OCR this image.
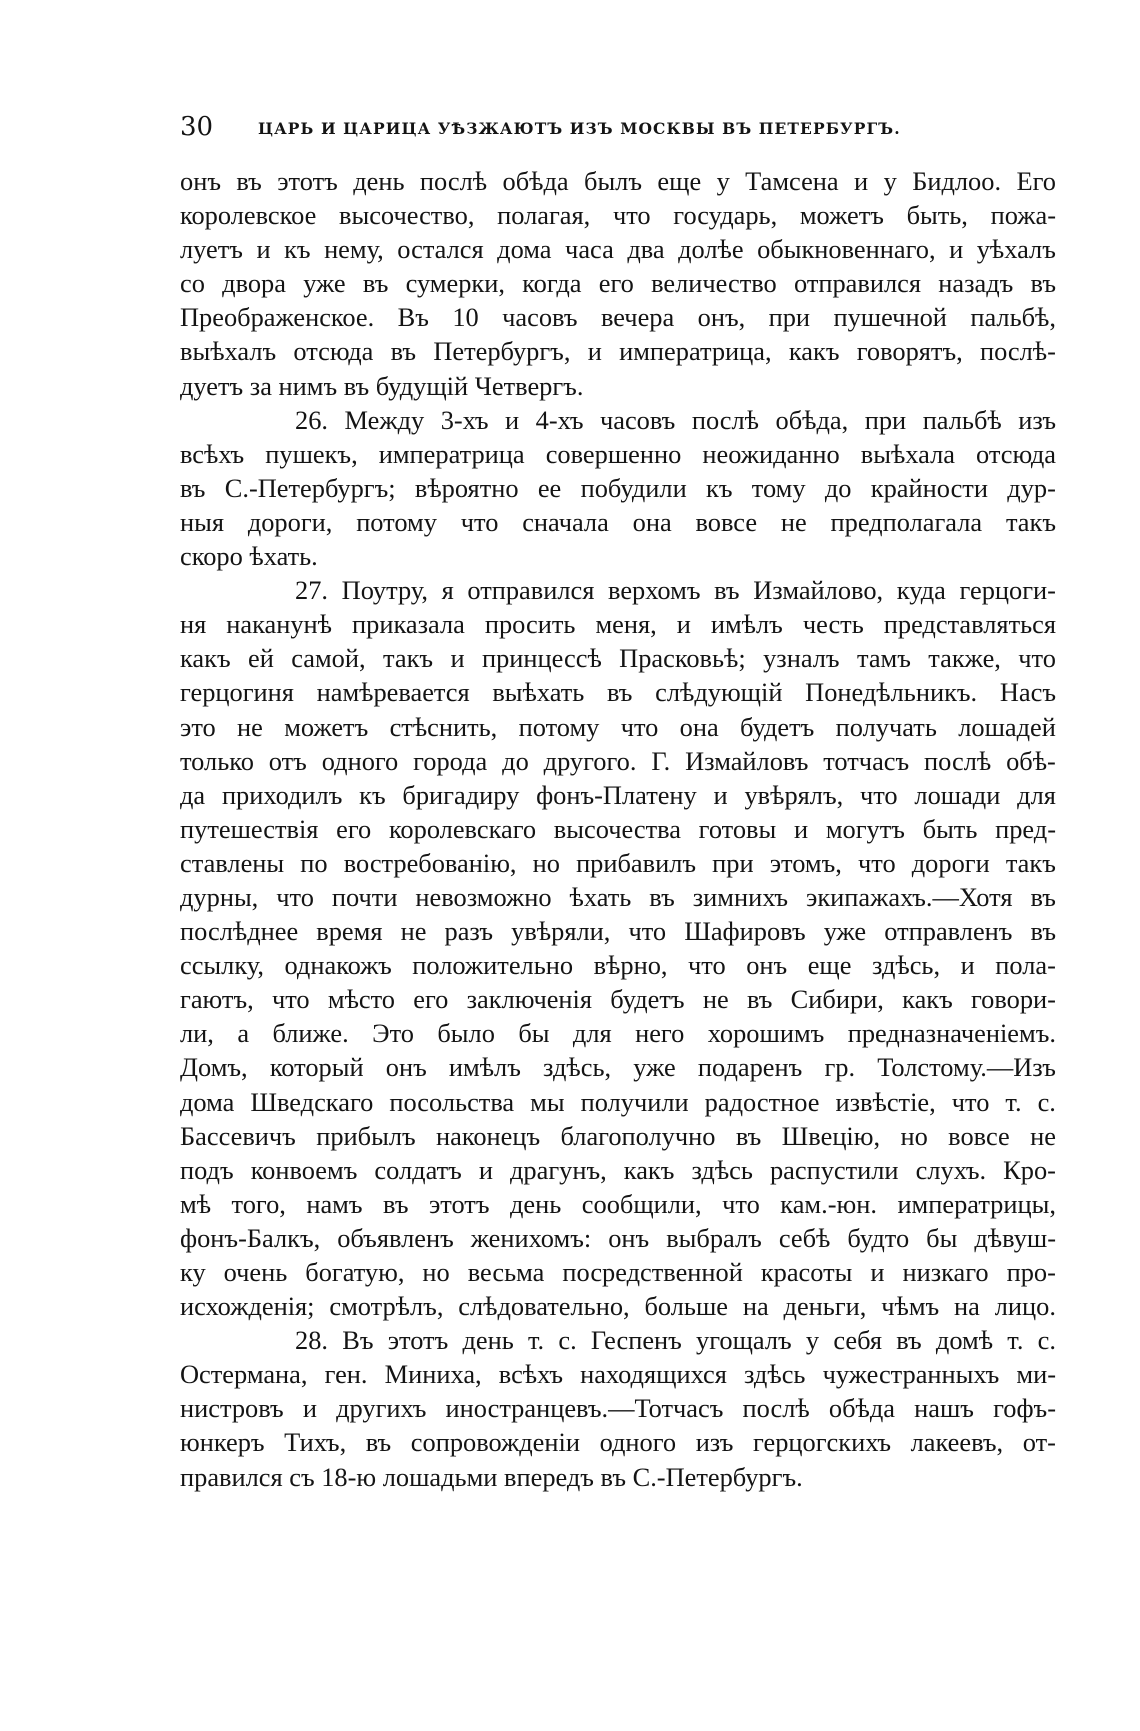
30	ЦАРЬ И ЦАРИЦА УѢЗЖАЮТЪ ИЗЪ МОСКВЫ ВЪ ПЕТЕРБУРГЪ.
онъ въ этотъ день послѣ обѣда былъ еще у Тамсена и у Бидлоо. Его
королевское высочество, полагая, что государь, можетъ быть, пожа-
луетъ и къ нему, остался дома часа два долѣе обыкновеннаго, и уѣхалъ
со двора уже въ сумерки, когда его величество отправился назадъ въ
Преображенское. Въ 10 часовъ вечера онъ, при пушечной пальбѣ,
выѣхалъ отсюда въ Петербургъ, и императрица, какъ говорятъ, послѣ-
дуетъ за нимъ въ будущій Четвергъ.
26. Между 3-хъ и 4-хъ часовъ послѣ обѣда, при пальбѣ изъ
всѣхъ пушекъ, императрица совершенно неожиданно выѣхала отсюда
въ С.-Петербургъ; вѣроятно ее побудили къ тому до крайности дур-
ныя дороги, потому что сначала она вовсе не предполагала такъ
скоро ѣхать.
27. Поутру, я отправился верхомъ въ Измайлово, куда герцоги-
ня наканунѣ приказала просить меня, и имѣлъ честь представляться
какъ ей самой, такъ и принцессѣ Прасковьѣ; узналъ тамъ также, что
герцогиня намѣревается выѣхать въ слѣдующій Понедѣльникъ. Насъ
это не можетъ стѣснить, потому что она будетъ получать лошадей
только отъ одного города до другого. Г. Измайловъ тотчасъ послѣ обѣ-
да приходилъ къ бригадиру фонъ-Платену и увѣрялъ, что лошади для
путешествія его королевскаго высочества готовы и могутъ быть пред-
ставлены по востребованію, но прибавилъ при этомъ, что дороги такъ
дурны, что почти невозможно ѣхать въ зимнихъ экипажахъ.—Хотя въ
послѣднее время не разъ увѣряли, что Шафировъ уже отправленъ въ
ссылку, однакожъ положительно вѣрно, что онъ еще здѣсь, и пола-
гаютъ, что мѣсто его заключенія будетъ не въ Сибири, какъ говори-
ли, а ближе. Это было бы для него хорошимъ предназначеніемъ.
Домъ, который онъ имѣлъ здѣсь, уже подаренъ гр. Толстому.—Изъ
дома Шведскаго посольства мы получили радостное извѣстіе, что т. с.
Бассевичъ прибылъ наконецъ благополучно въ Швецію, но вовсе не
подъ конвоемъ солдатъ и драгунъ, какъ здѣсь распустили слухъ. Кро-
мѣ того, намъ въ этотъ день сообщили, что кам.-юн. императрицы,
фонъ-Балкъ, объявленъ женихомъ: онъ выбралъ себѣ будто бы дѣвуш-
ку очень богатую, но весьма посредственной красоты и низкаго про-
исхожденія; смотрѣлъ, слѣдовательно, больше на деньги, чѣмъ на лицо.
28. Въ этотъ день т. с. Геспенъ угощалъ у себя въ домѣ т. с.
Остермана, ген. Миниха, всѣхъ находящихся здѣсь чужестранныхъ ми-
нистровъ и другихъ иностранцевъ.—Тотчасъ послѣ обѣда нашъ гофъ-
юнкеръ Тихъ, въ сопровожденіи одного изъ герцогскихъ лакеевъ, от-
правился съ 18-ю лошадьми впередъ въ С.-Петербургъ.
